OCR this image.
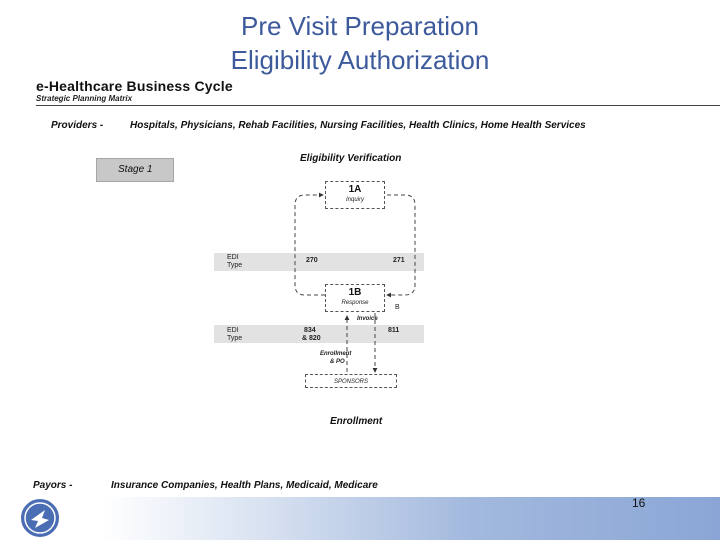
Pre Visit Preparation
Eligibility Authorization
e-Healthcare Business Cycle
Strategic Planning Matrix
Providers -	Hospitals, Physicians, Rehab Facilities, Nursing Facilities, Health Clinics, Home Health Services
Stage 1
Eligibility Verification
EDI
Type
270	271
EDI
Type
834
& 820
811
1A
Inquiry
1B
Response
B
Invoice
Enrollment
& PO
SPONSORS
Enrollment
Payors -	Insurance Companies, Health Plans, Medicaid, Medicare
16
